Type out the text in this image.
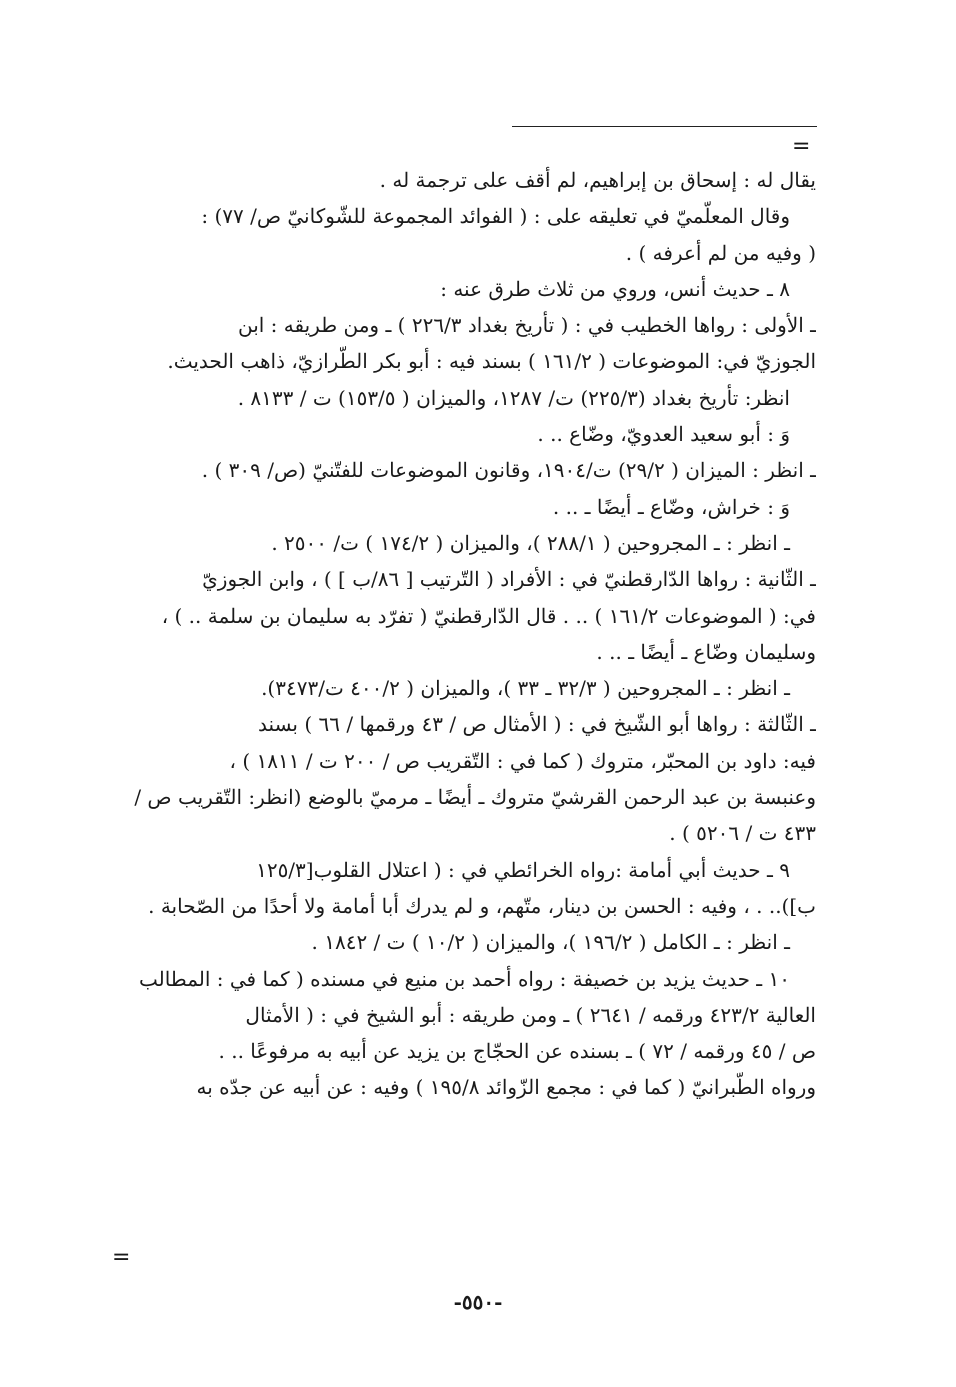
=
يقال له : إسحاق بن إبراهيم، لم أقف على ترجمة له .
وقال المعلّميّ في تعليقه على : ( الفوائد المجموعة للشّوكانيّ ص/ ٧٧) :
( وفيه من لم أعرفه ) .
٨ ـ حديث أنس، وروي من ثلاث طرق عنه :
ـ الأولى : رواها الخطيب في : ( تأريخ بغداد ٢٢٦/٣ ) ـ ومن طريقه : ابن
الجوزيّ في: الموضوعات ( ١٦١/٢ ) بسند فيه : أبو بكر الطّرازيّ، ذاهب الحديث.
انظر: تأريخ بغداد (٢٢٥/٣) ت/ ١٢٨٧، والميزان ( ١٥٣/٥) ت / ٨١٣٣ .
وَ : أبو سعيد العدويّ، وضّاع .. .
ـ انظر : الميزان ( ٢٩/٢) ت/١٩٠٤، وقانون الموضوعات للفتّنيّ (ص/ ٣٠٩ ) .
وَ : خراش، وضّاع ـ أيضًا ـ .. .
ـ انظر : ـ المجروحين ( ٢٨٨/١ )، والميزان ( ١٧٤/٢ ) ت/ ٢٥٠٠ .
ـ الثّانية : رواها الدّارقطنيّ في : الأفراد ( التّرتيب [ ٨٦/ب ] ) ، وابن الجوزيّ
في: ( الموضوعات ١٦١/٢ ) .. . قال الدّارقطنيّ ( تفرّد به سليمان بن سلمة .. ) ،
وسليمان وضّاع ـ أيضًا ـ .. .
ـ انظر : ـ المجروحين ( ٣٢/٣ ـ ٣٣ )، والميزان ( ٤٠٠/٢ ت/٣٤٧٣).
ـ الثّالثة : رواها أبو الشّيخ في : ( الأمثال ص / ٤٣ ورقمها / ٦٦ ) بسند
فيه: داود بن المحبّر، متروك ( كما في : التّقريب ص / ٢٠٠ ت / ١٨١١ ) ،
وعنبسة بن عبد الرحمن القرشيّ متروك ـ أيضًا ـ مرميّ بالوضع (انظر: التّقريب ص /
٤٣٣ ت / ٥٢٠٦ ) .
٩ ـ حديث أبي أمامة :رواه الخرائطي في : ( اعتلال القلوب[١٢٥/٣
ب]).. . ، وفيه : الحسن بن دينار، متّهم، و لم يدرك أبا أمامة ولا أحدًا من الصّحابة .
ـ انظر : ـ الكامل ( ١٩٦/٢ )، والميزان ( ١٠/٢ ) ت / ١٨٤٢ .
١٠ ـ حديث يزيد بن خصيفة : رواه أحمد بن منيع في مسنده ( كما في : المطالب
العالية ٤٢٣/٢ ورقمه / ٢٦٤١ ) ـ ومن طريقه : أبو الشيخ في : ( الأمثال
ص / ٤٥ ورقمه / ٧٢ ) ـ بسنده عن الحجّاج بن يزيد عن أبيه به مرفوعًا .. .
ورواه الطّبرانيّ ( كما في : مجمع الزّوائد ١٩٥/٨ ) وفيه : عن أبيه عن جدّه به
=
-٥٥٠-
